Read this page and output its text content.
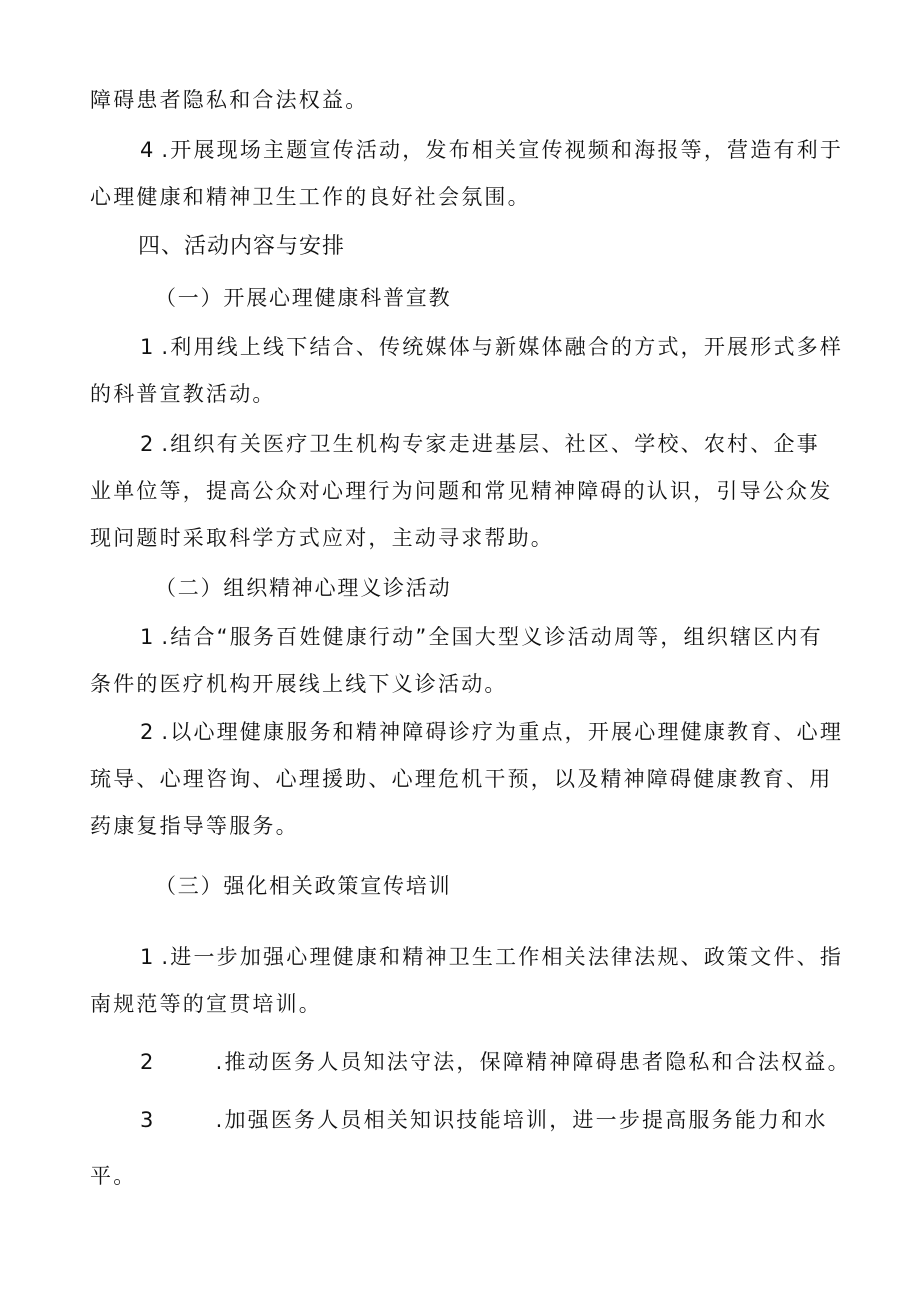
障碍患者隐私和合法权益。
4 .开展现场主题宣传活动，发布相关宣传视频和海报等，营造有利于
心理健康和精神卫生工作的良好社会氛围。
四、活动内容与安排
（一）开展心理健康科普宣教
1 .利用线上线下结合、传统媒体与新媒体融合的方式，开展形式多样
的科普宣教活动。
2 .组织有关医疗卫生机构专家走进基层、社区、学校、农村、企事
业单位等，提高公众对心理行为问题和常见精神障碍的认识，引导公众发
现问题时采取科学方式应对，主动寻求帮助。
（二）组织精神心理义诊活动
1 .结合“服务百姓健康行动”全国大型义诊活动周等，组织辖区内有
条件的医疗机构开展线上线下义诊活动。
2 .以心理健康服务和精神障碍诊疗为重点，开展心理健康教育、心理
琉导、心理咨询、心理援助、心理危机干预，以及精神障碍健康教育、用
药康复指导等服务。
（三）强化相关政策宣传培训
1 .进一步加强心理健康和精神卫生工作相关法律法规、政策文件、指
南规范等的宣贯培训。
2	.推动医务人员知法守法，保障精神障碍患者隐私和合法权益。
3	.加强医务人员相关知识技能培训，进一步提高服务能力和水
平。
